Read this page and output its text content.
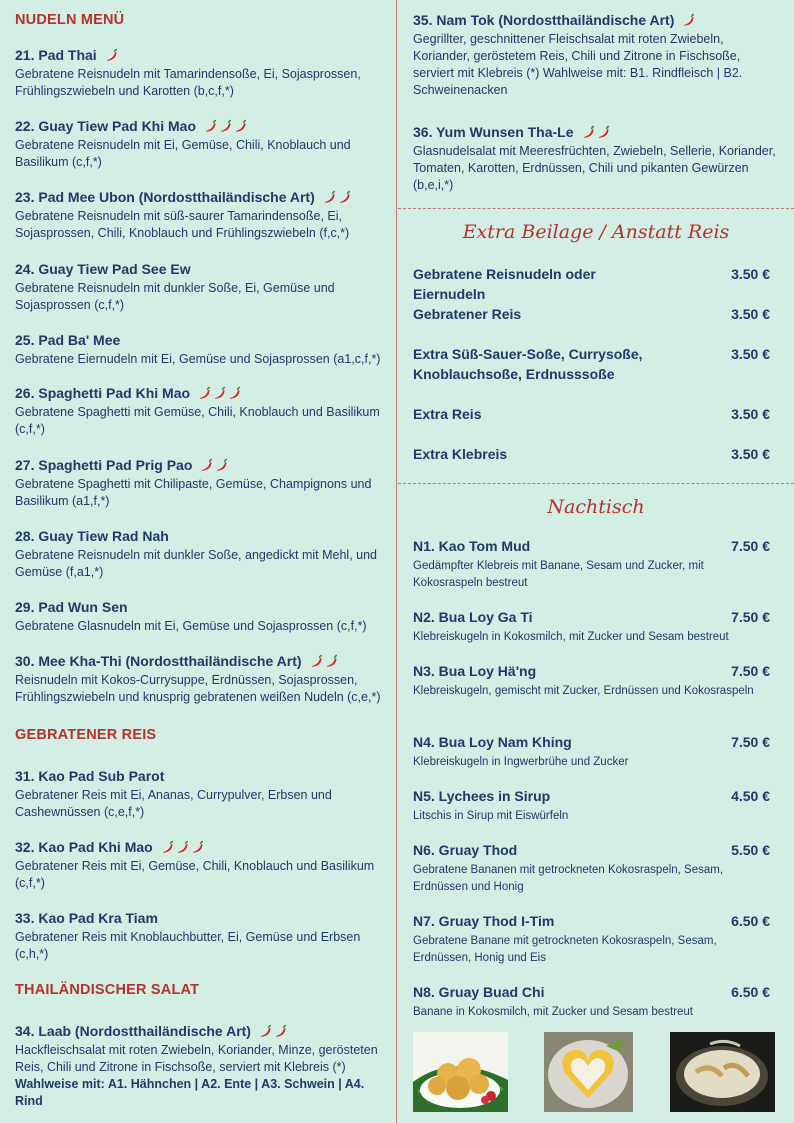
NUDELN MENÜ
21. Pad Thai
Gebratene Reisnudeln mit Tamarindensoße, Ei, Sojasprossen, Frühlingszwiebeln und Karotten (b,c,f,*)
22. Guay Tiew Pad Khi Mao
Gebratene Reisnudeln mit Ei, Gemüse, Chili, Knoblauch und Basilikum (c,f,*)
23. Pad Mee Ubon (Nordostthailändische Art)
Gebratene Reisnudeln mit süß-saurer Tamarindensoße, Ei, Sojasprossen, Chili, Knoblauch und Frühlingszwiebeln (f,c,*)
24. Guay Tiew Pad See Ew
Gebratene Reisnudeln mit dunkler Soße, Ei, Gemüse und Sojasprossen (c,f,*)
25. Pad Ba' Mee
Gebratene Eiernudeln mit Ei, Gemüse und Sojasprossen (a1,c,f,*)
26. Spaghetti Pad Khi Mao
Gebratene Spaghetti mit Gemüse, Chili, Knoblauch und Basilikum (c,f,*)
27. Spaghetti Pad Prig Pao
Gebratene Spaghetti mit Chilipaste, Gemüse, Champignons und Basilikum (a1,f,*)
28. Guay Tiew Rad Nah
Gebratene Reisnudeln mit dunkler Soße, angedickt mit Mehl, und Gemüse (f,a1,*)
29. Pad Wun Sen
Gebratene Glasnudeln mit Ei, Gemüse und Sojasprossen (c,f,*)
30. Mee Kha-Thi (Nordostthailändische Art)
Reisnudeln mit Kokos-Currysuppe, Erdnüssen, Sojasprossen, Frühlingszwiebeln und knusprig gebratenen weißen Nudeln (c,e,*)
GEBRATENER REIS
31. Kao Pad Sub Parot
Gebratener Reis mit Ei, Ananas, Currypulver, Erbsen und Cashewnüssen (c,e,f,*)
32. Kao Pad Khi Mao
Gebratener Reis mit Ei, Gemüse, Chili, Knoblauch und Basilikum (c,f,*)
33. Kao Pad Kra Tiam
Gebratener Reis mit Knoblauchbutter, Ei, Gemüse und Erbsen (c,h,*)
THAILÄNDISCHER SALAT
34. Laab (Nordostthailändische Art)
Hackfleischsalat mit roten Zwiebeln, Koriander, Minze, gerösteten Reis, Chili und Zitrone in Fischsoße, serviert mit Klebreis (*)
Wahlweise mit: A1. Hähnchen | A2. Ente | A3. Schwein | A4. Rind
35. Nam Tok (Nordostthailändische Art)
Gegrillter, geschnittener Fleischsalat mit roten Zwiebeln, Koriander, geröstetem Reis, Chili und Zitrone in Fischsoße, serviert mit Klebreis (*) Wahlweise mit: B1. Rindfleisch | B2. Schweinenacken
36. Yum Wunsen Tha-Le
Glasnudelsalat mit Meeresfrüchten, Zwiebeln, Sellerie, Koriander, Tomaten, Karotten, Erdnüssen, Chili und pikanten Gewürzen (b,e,i,*)
Extra Beilage / Anstatt Reis
Gebratene Reisnudeln oder Eiernudeln
3.50 €
Gebratener Reis	3.50 €
Extra Süß-Sauer-Soße, Currysoße, Knoblauchsoße, Erdnusssoße
3.50 €
Extra Reis	3.50 €
Extra Klebreis	3.50 €
Nachtisch
N1. Kao Tom Mud	7.50 €
Gedämpfter Klebreis mit Banane, Sesam und Zucker, mit Kokosraspeln bestreut
N2. Bua Loy Ga Ti	7.50 €
Klebreiskugeln in Kokosmilch, mit Zucker und Sesam bestreut
N3. Bua Loy Hä'ng	7.50 €
Klebreiskugeln, gemischt mit Zucker, Erdnüssen und Kokosraspeln
N4. Bua Loy Nam Khing	7.50 €
Klebreiskugeln in Ingwerbrühe und Zucker
N5. Lychees in Sirup	4.50 €
Litschis in Sirup mit Eiswürfeln
N6. Gruay Thod	5.50 €
Gebratene Bananen mit getrockneten Kokosraspeln, Sesam, Erdnüssen und Honig
N7. Gruay Thod I-Tim	6.50 €
Gebratene Banane mit getrockneten Kokosraspeln, Sesam, Erdnüssen, Honig und Eis
N8. Gruay Buad Chi	6.50 €
Banane in Kokosmilch, mit Zucker und Sesam bestreut
